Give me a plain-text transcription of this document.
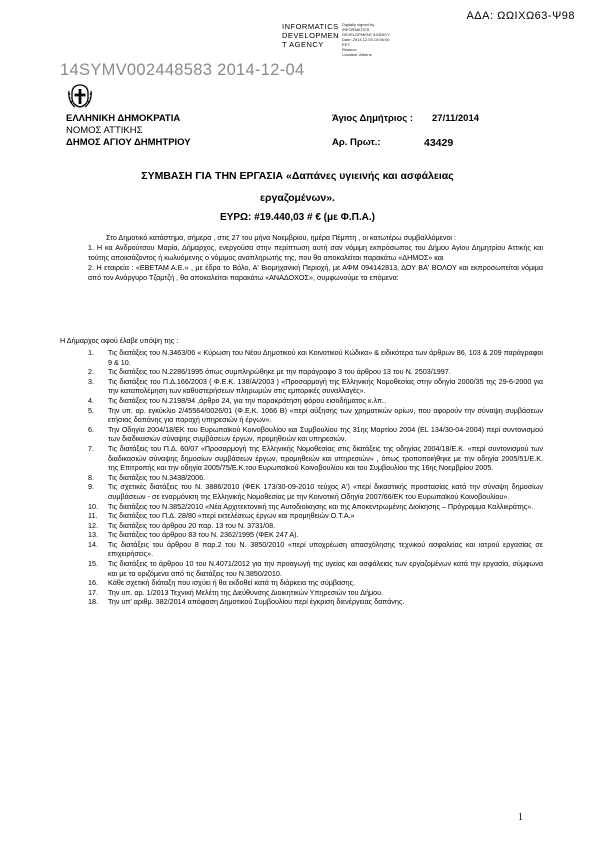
ΑΔΑ: ΩΩΙΧΩ63-Ψ98
INFORMATICS
DEVELOPMEN
T AGENCY
Digitally signed by
INFORMATICS
DEVELOPMENT AGENCY
Date: 2014.12.03 10:56:00
EET
Reason:
Location: Athens
14SYMV002448583 2014-12-04
ΕΛΛΗΝΙΚΗ ΔΗΜΟΚΡΑΤΙΑ
ΝΟΜΟΣ ΑΤΤΙΚΗΣ
ΔΗΜΟΣ ΑΓΙΟΥ ΔΗΜΗΤΡΙΟΥ
Άγιος Δημήτριος :	27/11/2014
Αρ. Πρωτ.:	43429
ΣΥΜΒΑΣΗ ΓΙΑ ΤΗΝ ΕΡΓΑΣΙΑ «Δαπάνες υγιεινής και ασφάλειας
εργαζομένων».
ΕΥΡΩ: #19.440,03 # € (με Φ.Π.Α.)
Στο Δημοτικό κατάστημα, σήμερα , στις 27 του μήνα Νοεμβρίου, ημέρα Πέμπτη , οι κατωτέρω συμβαλλόμενοι :
1. Η κα Ανδρούτσου Μαρία, Δήμαρχος, ενεργούσα στην περίπτωση αυτή σαν νόμιμη εκπρόσωπος του Δήμου Αγίου Δημητρίου Αττικής και τούτης αποιισάζοντος ή κωλυόμενης ο νόμιμος αναπληρωτής της, που θα αποκαλείται παρακάτω «ΔΗΜΟΣ» και
2. Η εταιρεία : «ΕΒΕΤΑΜ Α.Ε.» , με έδρα το Βόλο, Α' Βιομηχανική Περιοχή, με ΑΦΜ 094142813, ΔΟΥ ΒΑ' ΒΟΛΟΥ και εκπροσωπείται νόμιμα από τον Ανάργυρο Τζαμτζή , θα αποκαλείται παρακάτω «ΑΝΑΔΟΧΟΣ», συμφωνούμε τα επόμενα:
Η Δήμαρχος αφού έλαβε υπόψη της :
1.	Τις διατάξεις του Ν.3463/06 « Κύρωση του Νέου Δημοτικού και Κοινοτικού Κώδικα» & ειδικότερα των άρθρων 86, 103 & 209 παράγραφοι 9 & 10.
2.	Τις διατάξεις του Ν.2286/1995 όπως συμπληρώθηκε με την παράγραφο 3 του άρθρου 13 του Ν. 2503/1997.
3.	Τις διατάξεις του Π.Δ.166/2003 ( Φ.Ε.Κ. 138/Α/2003 ) «Προσαρμογή της Ελληνικής Νομοθεσίας στην οδηγία 2000/35 της 29-6-2000 για την καταπολέμηση των καθυστερήσεων πληρωμών στις εμπορικές συναλλαγές».
4.	Τις διατάξεις του Ν.2198/94 ,άρθρο 24, για την παρακράτηση φόρου εισοδήματος κ.λπ..
5.	Την υπ. αρ. εγκύκλιο 2/45564/0026/01 (Φ.Ε.Κ. 1066 Β) «περί αύξησης των χρηματικών ορίων, που αφορούν την σύναψη συμβάσεων ετήσιας δαπάνης για παροχή υπηρεσιών ή έργων».
6.	Την Οδηγία 2004/18/ΕΚ του Ευρωπαϊκού Κοινοβουλίου και Συμβουλίου της 31ης Μαρτίου 2004 (EL 134/30-04-2004) περί συντονισμού των διαδικασιών σύναψης συμβάσεων έργων, προμηθειών και υπηρεσιών.
7.	Τις διατάξεις του Π.Δ. 60/07 «Προσαρμογή της Ελληνικής Νομοθεσίας στις διατάξεις της οδηγίας 2004/18/Ε.Κ. «περί συντονισμού των διαδικασιών σύναψης δημοσίων συμβάσεων έργων, προμηθειών και υπηρεσιών» , όπως τροποποιήθηκε με την οδηγία 2005/51/Ε.Κ. της Επιτροπής και την οδηγία 2005/75/Ε.Κ.του Ευρωπαϊκού Κοινοβουλίου και του Συμβουλίου της 16ης Νοεμβρίου 2005.
8.	Τις διατάξεις του Ν.3438/2006.
9.	Τις σχετικές διατάξεις του Ν. 3886/2010 (ΦΕΚ 173/30-09-2010 τεύχος Α') «περί δικαστικής προστασίας κατά την σύναψη δημοσίων συμβάσεων - σε εναρμόνιση της Ελληνικής Νομοθεσίας με την Κοινοτική Οδηγία 2007/66/ΕΚ του Ευρωπαϊκού Κοινοβουλίου».
10.	Τις διατάξεις του Ν.3852/2010 «Νέα Αρχιτεκτονική της Αυτοδιοίκησης και της Αποκεντρωμένης Διοίκησης – Πρόγραμμα Καλλικράτης».
11.	Τις διατάξεις του Π.Δ. 28/80 «περί εκτελέσεως έργων και προμηθειών Ο.Τ.Α.»
12.	Τις διατάξεις του άρθρου 20 παρ. 13 του Ν. 3731/08.
13.	Τις διατάξεις του άρθρου 83 του Ν. 2362/1995 (ΦΕΚ 247 Α).
14.	Τις διατάξεις του άρθρου 8 παρ.2 του Ν. 3850/2010 «περί υποχρέωση απασχόλησης τεχνικού ασφαλείας και ιατρού εργασίας σε επιχειρήσεις».
15.	Τις διατάξεις το άρθρου 10 του Ν.4071/2012 για την προαγωγή της υγείας και ασφάλειας των εργαζομένων κατά την εργασία, σύμφωνα και με τα οριζόμενα από τις διατάξεις του Ν.3850/2010.
16.	Κάθε σχετική διάταξη που ισχύει ή θα εκδοθεί κατά τη διάρκεια της σύμβασης.
17.	Την υπ. αρ. 1/2013 Τεχνική Μελέτη της Διεύθυνσης Διοικητικών Υπηρεσιών του Δήμου.
18.	Την υπ' αριθμ. 382/2014 απόφαση Δημοτικού Συμβουλίου περί έγκριση διενέργειας δαπάνης.
1
